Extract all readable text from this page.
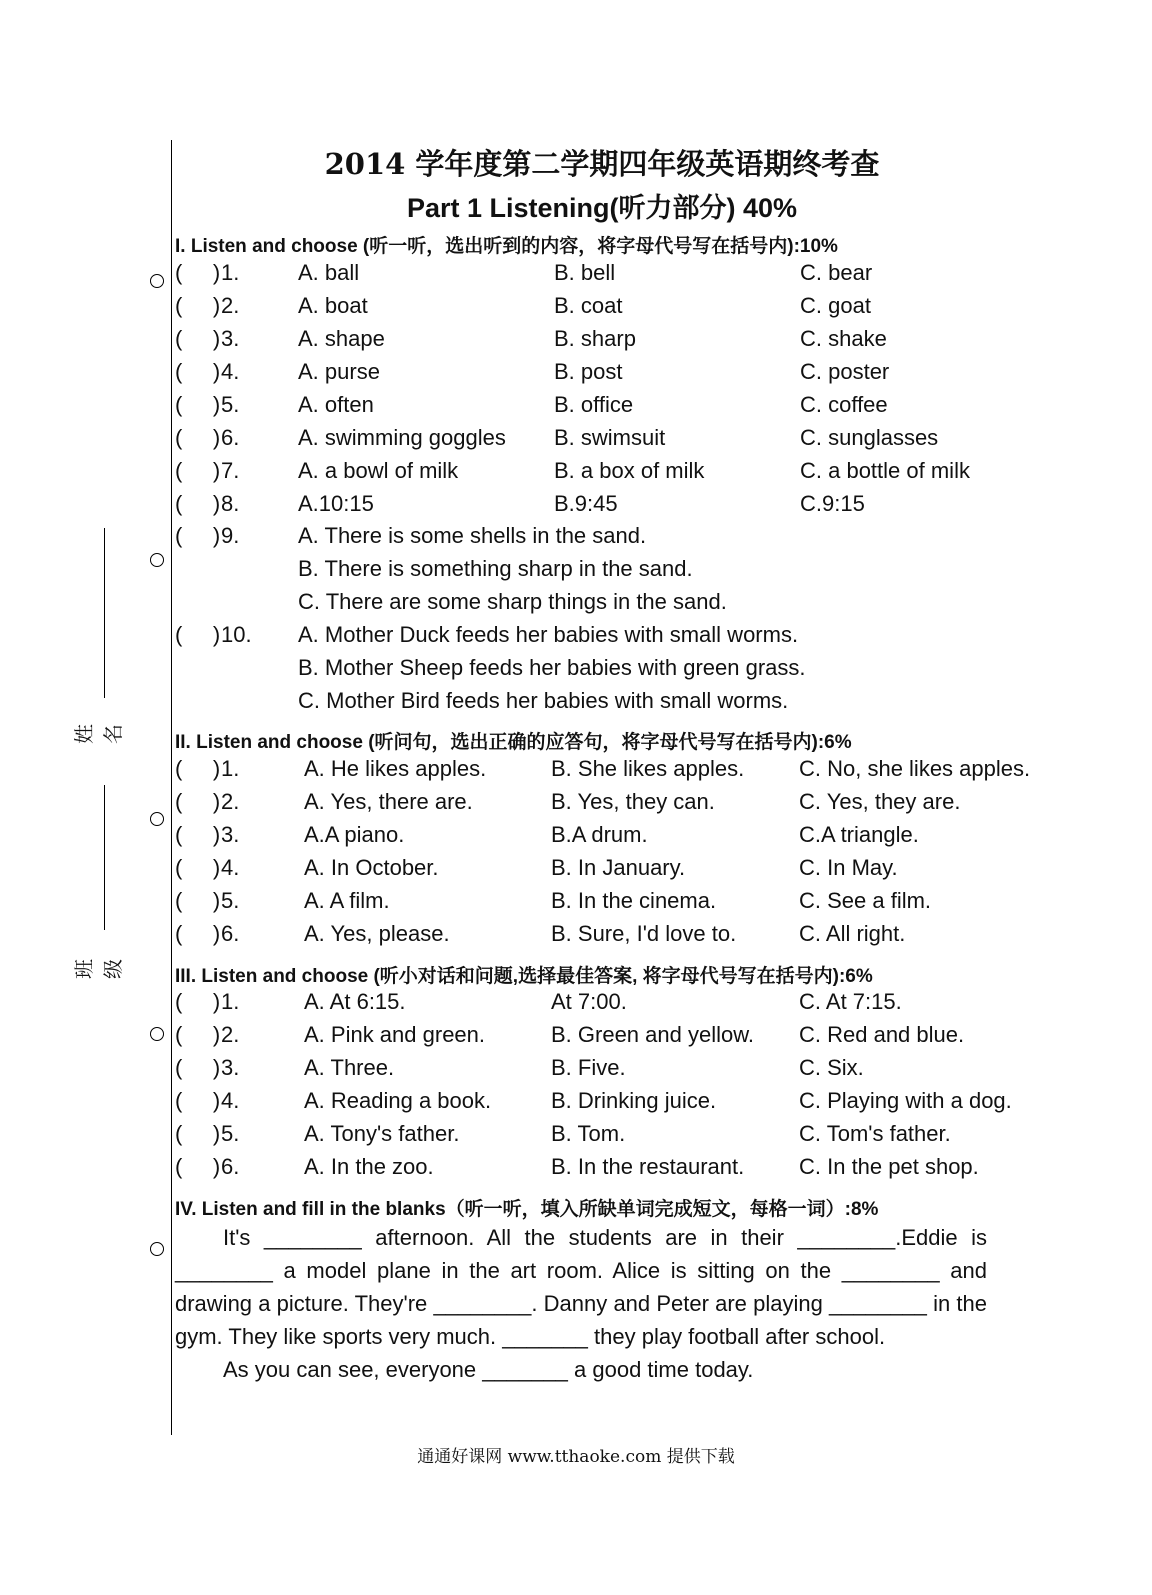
姓名
班级
2014 学年度第二学期四年级英语期终考查
Part 1 Listening(听力部分) 40%
I. Listen and choose (听一听，选出听到的内容，将字母代号写在括号内):10%
(     ) 1.	A. ball	B. bell	C. bear
(     ) 2.	A. boat	B. coat	C. goat
(     ) 3.	A. shape	B. sharp	C. shake
(     ) 4.	A. purse	B. post	C. poster
(     ) 5.	A. often	B. office	C. coffee
(     ) 6.	A. swimming goggles B. swimsuit	C. sunglasses
(     ) 7.	A. a bowl of milk	B. a box of milk	C. a bottle of milk
(     ) 8.	A.10:15	B.9:45	C.9:15
(     ) 9.	A. There is some shells in the sand.
B. There is something sharp in the sand.
C. There are some sharp things in the sand.
(     ) 10. A. Mother Duck feeds her babies with small worms.
B. Mother Sheep feeds her babies with green grass.
C. Mother Bird feeds her babies with small worms.
II. Listen and choose (听问句，选出正确的应答句，将字母代号写在括号内):6%
(     ) 1.	A. He likes apples.	B. She likes apples. C. No, she likes apples.
(     ) 2.	A. Yes, there are.	B. Yes, they can.	C. Yes, they are.
(     ) 3.	A.A piano.	B.A drum.	C.A triangle.
(     ) 4.	A. In October.	B. In January.	C. In May.
(     ) 5.	A. A film.	B. In the cinema.	C. See a film.
(     ) 6.	A. Yes, please.	B. Sure, I'd love to.	C. All right.
III. Listen and choose (听小对话和问题,选择最佳答案, 将字母代号写在括号内):6%
(     ) 1.	A. At 6:15.	At 7:00.	C. At 7:15.
(     ) 2.	A. Pink and green.	B. Green and yellow. C. Red and blue.
(     ) 3.	A. Three.	B. Five.	C. Six.
(     ) 4.	A. Reading a book.	B. Drinking juice.	C. Playing with a dog.
(     ) 5.	A. Tony's father.	B. Tom.	C. Tom's father.
(     ) 6.	A. In the zoo.	B. In the restaurant. C. In the pet shop.
IV. Listen and fill in the blanks（听一听，填入所缺单词完成短文，每格一词）:8%

It's ________ afternoon. All the students are in their ________.Eddie is ________ a model plane in the art room. Alice is sitting on the ________ and drawing a picture. They're ________. Danny and Peter are playing ________ in the gym. They like sports very much. _______ they play football after school.

As you can see, everyone _______ a good time today.

通通好课网 www.tthaoke.com 提供下载
